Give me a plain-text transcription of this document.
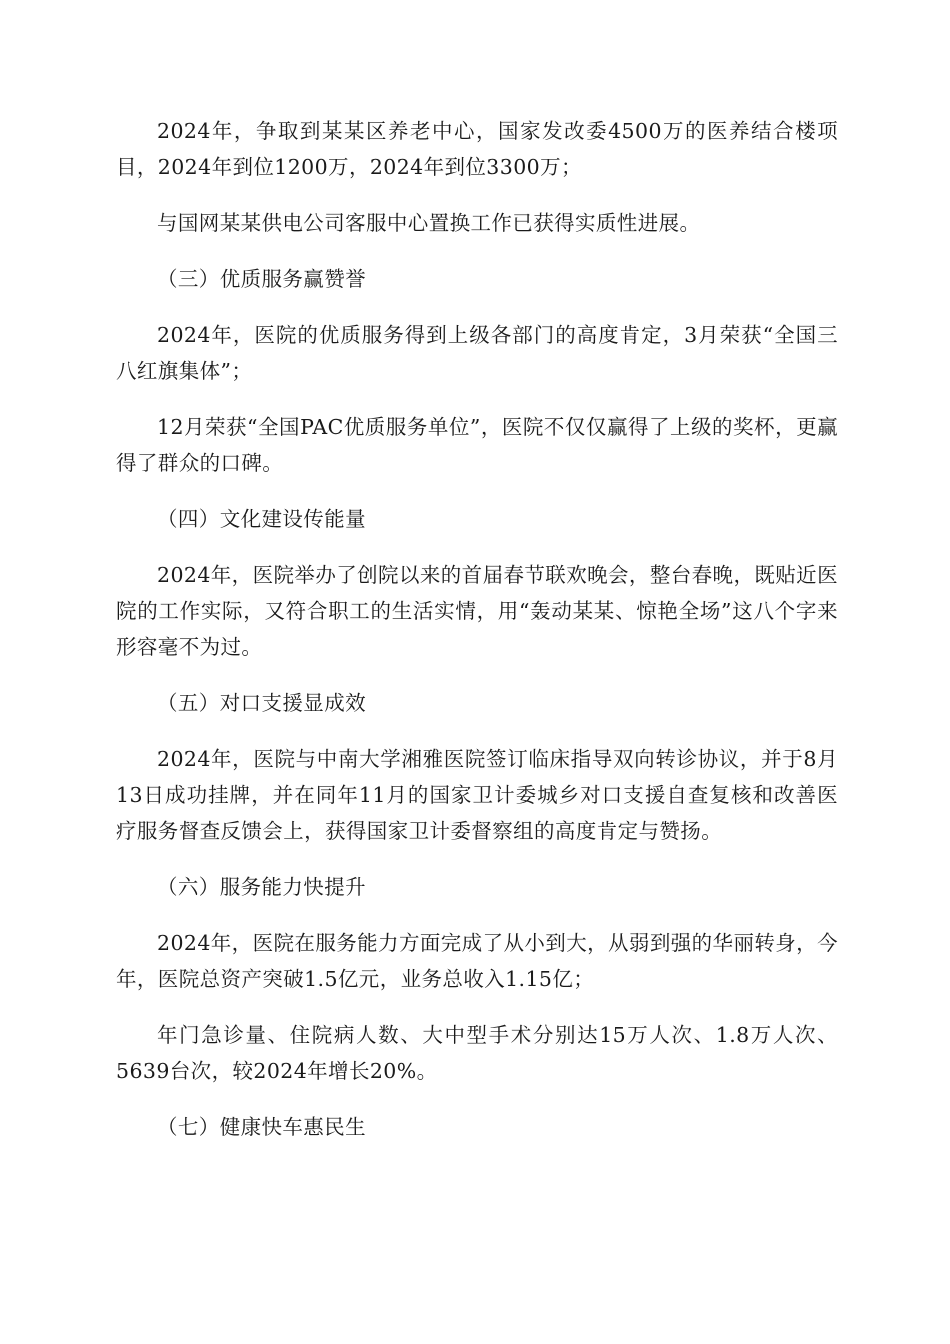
2024年，争取到某某区养老中心，国家发改委4500万的医养结合楼项目，2024年到位1200万，2024年到位3300万；

与国网某某供电公司客服中心置换工作已获得实质性进展。

（三）优质服务赢赞誉

2024年，医院的优质服务得到上级各部门的高度肯定，3月荣获“全国三八红旗集体”；

12月荣获“全国PAC优质服务单位”，医院不仅仅赢得了上级的奖杯，更赢得了群众的口碑。

（四）文化建设传能量

2024年，医院举办了创院以来的首届春节联欢晚会，整台春晚，既贴近医院的工作实际，又符合职工的生活实情，用“轰动某某、惊艳全场”这八个字来形容毫不为过。

（五）对口支援显成效

2024年，医院与中南大学湘雅医院签订临床指导双向转诊协议，并于8月13日成功挂牌，并在同年11月的国家卫计委城乡对口支援自查复核和改善医疗服务督查反馈会上，获得国家卫计委督察组的高度肯定与赞扬。

（六）服务能力快提升

2024年，医院在服务能力方面完成了从小到大，从弱到强的华丽转身，今年，医院总资产突破1.5亿元，业务总收入1.15亿；

年门急诊量、住院病人数、大中型手术分别达15万人次、1.8万人次、5639台次，较2024年增长20%。

（七）健康快车惠民生
